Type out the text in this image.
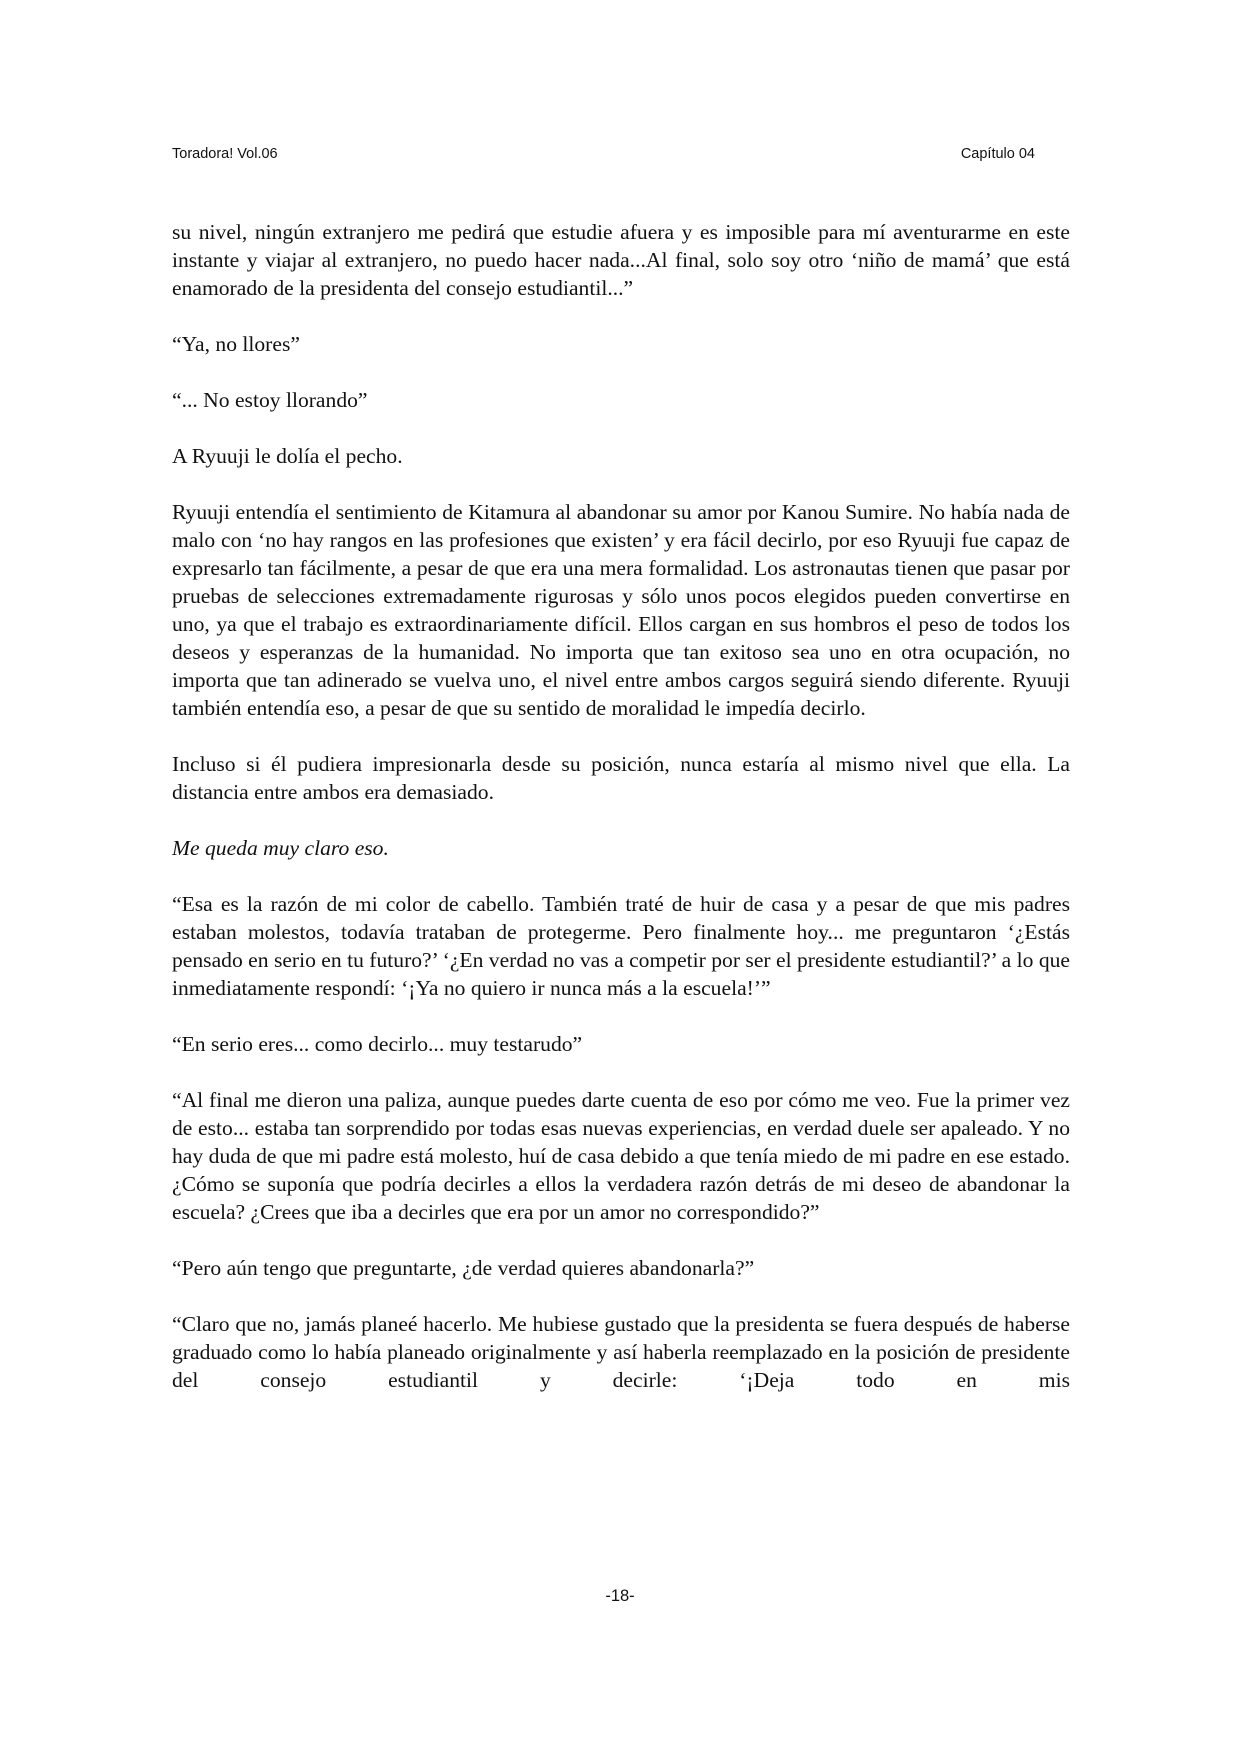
Toradora! Vol.06	Capítulo 04

su nivel, ningún extranjero me pedirá que estudie afuera y es imposible para mí aventurarme en este instante y viajar al extranjero, no puedo hacer nada...Al final, solo soy otro ‘niño de mamá’ que está enamorado de la presidenta del consejo estudiantil...”

“Ya, no llores”

“... No estoy llorando”

A Ryuuji le dolía el pecho.

Ryuuji entendía el sentimiento de Kitamura al abandonar su amor por Kanou Sumire. No había nada de malo con ‘no hay rangos en las profesiones que existen’ y era fácil decirlo, por eso Ryuuji fue capaz de expresarlo tan fácilmente, a pesar de que era una mera formalidad. Los astronautas tienen que pasar por pruebas de selecciones extremadamente rigurosas y sólo unos pocos elegidos pueden convertirse en uno, ya que el trabajo es extraordinariamente difícil. Ellos cargan en sus hombros el peso de todos los deseos y esperanzas de la humanidad. No importa que tan exitoso sea uno en otra ocupación, no importa que tan adinerado se vuelva uno, el nivel entre ambos cargos seguirá siendo diferente. Ryuuji también entendía eso, a pesar de que su sentido de moralidad le impedía decirlo.

Incluso si él pudiera impresionarla desde su posición, nunca estaría al mismo nivel que ella. La distancia entre ambos era demasiado.

Me queda muy claro eso.

“Esa es la razón de mi color de cabello. También traté de huir de casa y a pesar de que mis padres estaban molestos, todavía trataban de protegerme. Pero finalmente hoy... me preguntaron ‘¿Estás pensado en serio en tu futuro?’ ‘¿En verdad no vas a competir por ser el presidente estudiantil?’ a lo que inmediatamente respondí: ‘¡Ya no quiero ir nunca más a la escuela!’”

“En serio eres... como decirlo... muy testarudo”

“Al final me dieron una paliza, aunque puedes darte cuenta de eso por cómo me veo. Fue la primer vez de esto... estaba tan sorprendido por todas esas nuevas experiencias, en verdad duele ser apaleado. Y no hay duda de que mi padre está molesto, huí de casa debido a que tenía miedo de mi padre en ese estado. ¿Cómo se suponía que podría decirles a ellos la verdadera razón detrás de mi deseo de abandonar la escuela? ¿Crees que iba a decirles que era por un amor no correspondido?”

“Pero aún tengo que preguntarte, ¿de verdad quieres abandonarla?”

“Claro que no, jamás planeé hacerlo. Me hubiese gustado que la presidenta se fuera después de haberse graduado como lo había planeado originalmente y así haberla reemplazado en la posición de presidente del consejo estudiantil y decirle: ‘¡Deja todo en mis

-18-
